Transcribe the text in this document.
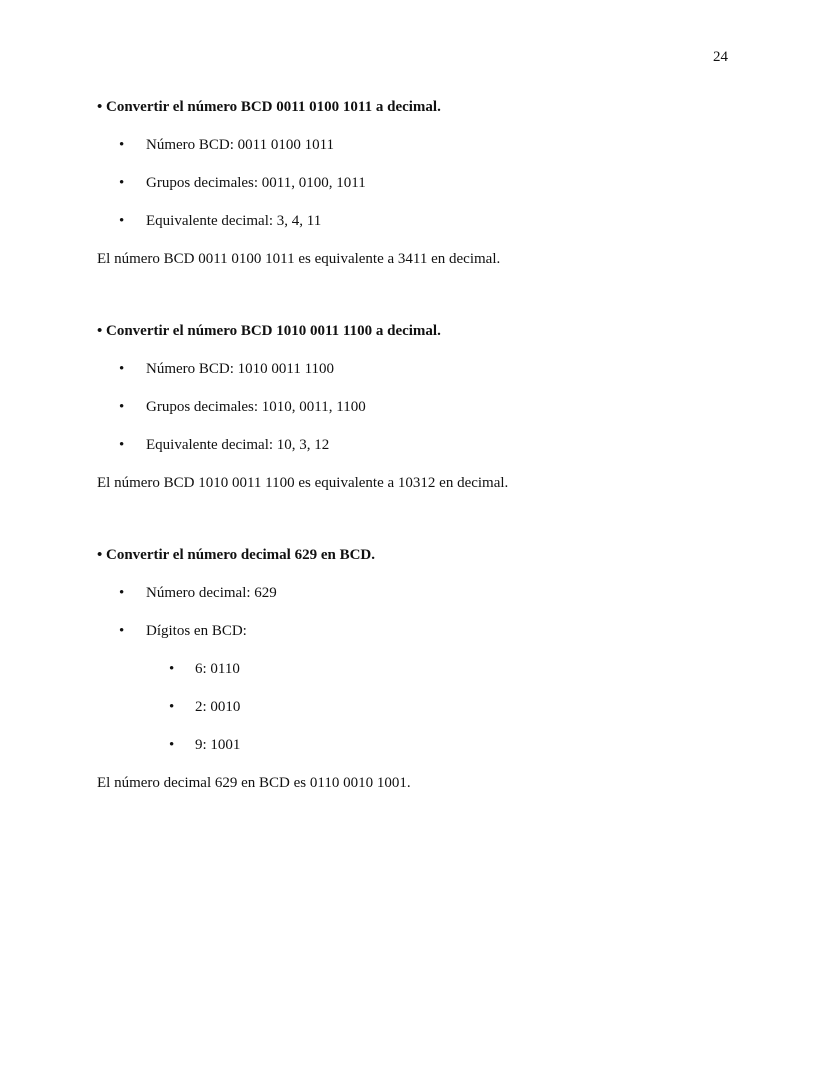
24
• Convertir el número BCD 0011 0100 1011 a decimal.
• Número BCD: 0011 0100 1011
• Grupos decimales: 0011, 0100, 1011
• Equivalente decimal: 3, 4, 11
El número BCD 0011 0100 1011 es equivalente a 3411 en decimal.
• Convertir el número BCD 1010 0011 1100 a decimal.
• Número BCD: 1010 0011 1100
• Grupos decimales: 1010, 0011, 1100
• Equivalente decimal: 10, 3, 12
El número BCD 1010 0011 1100 es equivalente a 10312 en decimal.
• Convertir el número decimal 629 en BCD.
• Número decimal: 629
• Dígitos en BCD:
• 6: 0110
• 2: 0010
• 9: 1001
El número decimal 629 en BCD es 0110 0010 1001.
